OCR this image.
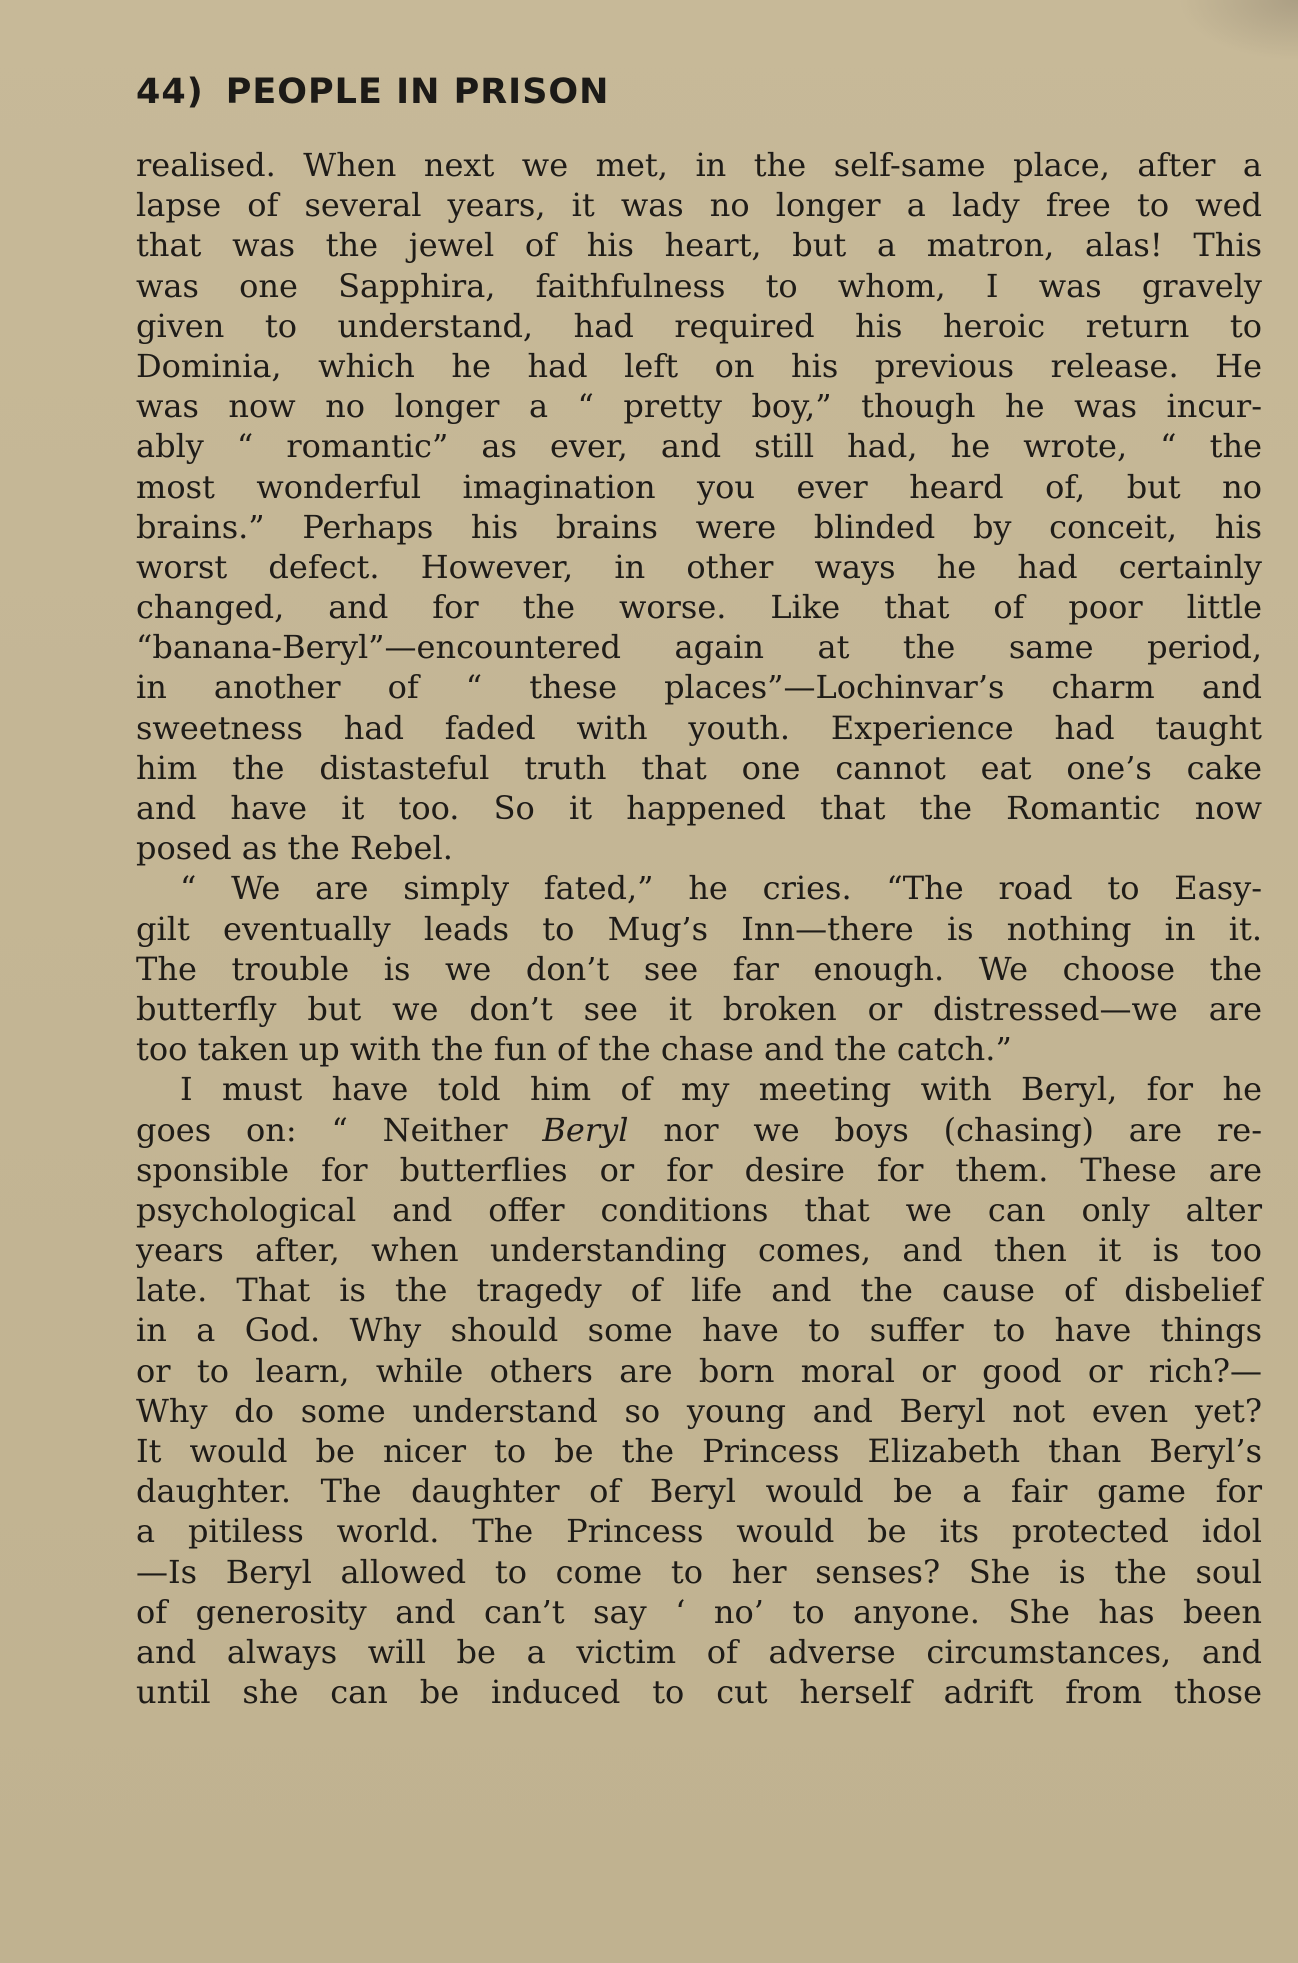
44) PEOPLE IN PRISON
realised. When next we met, in the self-same place, after a
lapse of several years, it was no longer a lady free to wed
that was the jewel of his heart, but a matron, alas! This
was one Sapphira, faithfulness to whom, I was gravely
given to understand, had required his heroic return to
Dominia, which he had left on his previous release. He
was now no longer a “ pretty boy,” though he was incur-
ably “ romantic” as ever, and still had, he wrote, “ the
most wonderful imagination you ever heard of, but no
brains.” Perhaps his brains were blinded by conceit, his
worst defect. However, in other ways he had certainly
changed, and for the worse. Like that of poor little
“banana-Beryl”—encountered again at the same period,
in another of “ these places”—Lochinvar’s charm and
sweetness had faded with youth. Experience had taught
him the distasteful truth that one cannot eat one’s cake
and have it too. So it happened that the Romantic now
posed as the Rebel.
“ We are simply fated,” he cries. “The road to Easy-
gilt eventually leads to Mug’s Inn—there is nothing in it.
The trouble is we don’t see far enough. We choose the
butterfly but we don’t see it broken or distressed—we are
too taken up with the fun of the chase and the catch.”
I must have told him of my meeting with Beryl, for he
goes on: “ Neither Beryl nor we boys (chasing) are re-
sponsible for butterflies or for desire for them. These are
psychological and offer conditions that we can only alter
years after, when understanding comes, and then it is too
late. That is the tragedy of life and the cause of disbelief
in a God. Why should some have to suffer to have things
or to learn, while others are born moral or good or rich?—
Why do some understand so young and Beryl not even yet?
It would be nicer to be the Princess Elizabeth than Beryl’s
daughter. The daughter of Beryl would be a fair game for
a pitiless world. The Princess would be its protected idol
—Is Beryl allowed to come to her senses? She is the soul
of generosity and can’t say ‘ no’ to anyone. She has been
and always will be a victim of adverse circumstances, and
until she can be induced to cut herself adrift from those
